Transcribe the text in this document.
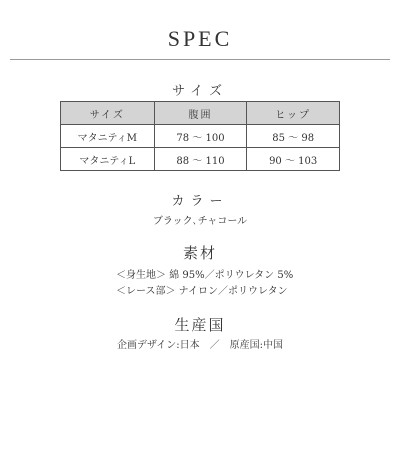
SPEC
サイズ
サイズ	腹囲	ヒップ
マタニティM	78 ～ 100	85 ～ 98
マタニティL	88 ～ 110	90 ～ 103
カラー
ブラック､チャコール
素材
＜身生地＞ 綿 95%／ポリウレタン 5%
＜レース部＞ ナイロン／ポリウレタン
生産国
企画デザイン:日本　／　原産国:中国
